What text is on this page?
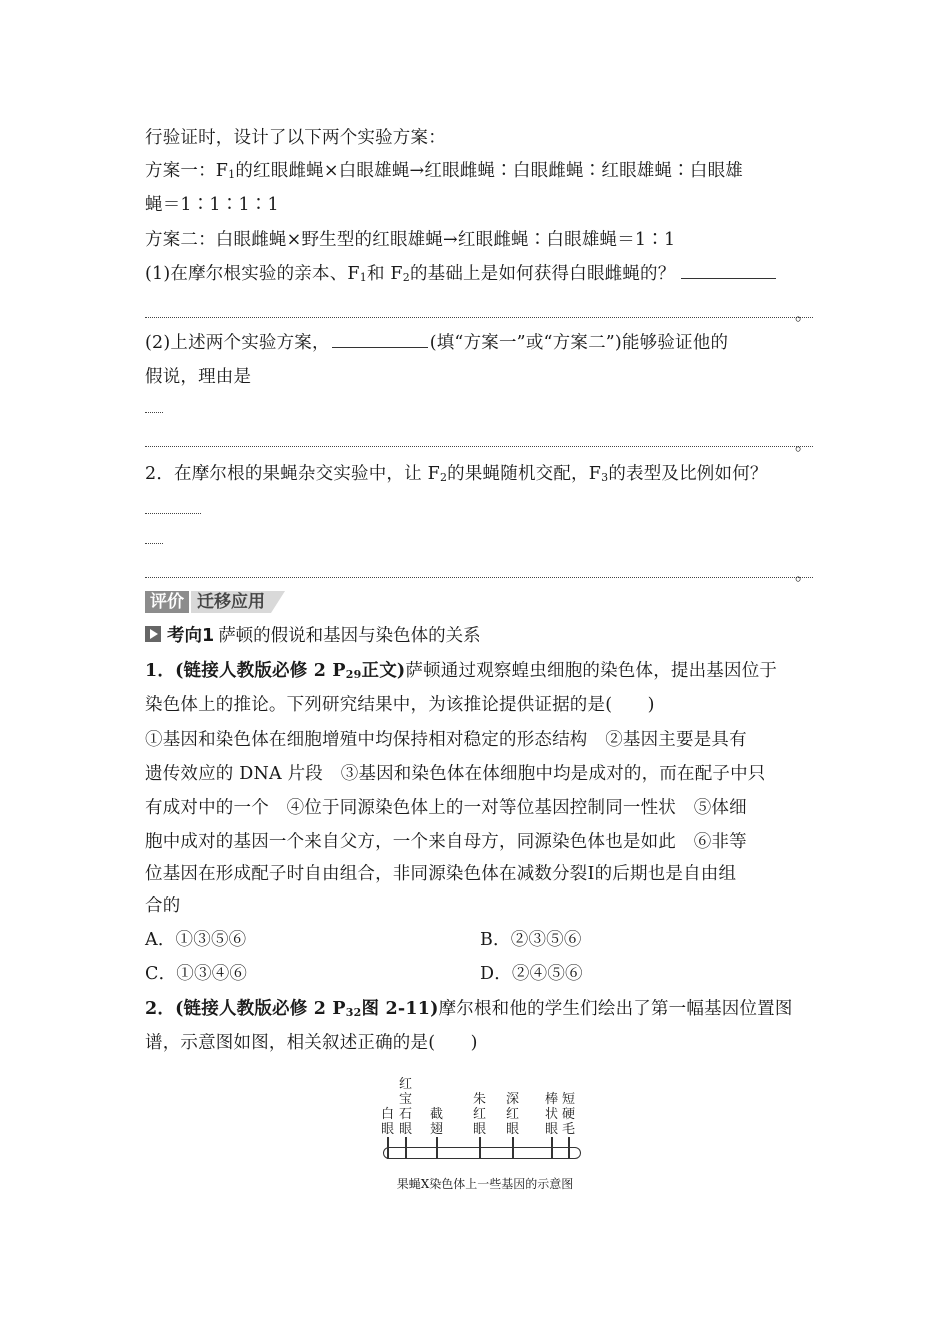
行验证时，设计了以下两个实验方案：
方案一：$F_1$的红眼雌蝇×白眼雄蝇→红眼雌蝇∶白眼雌蝇∶红眼雄蝇∶白眼雄
蝇＝1∶1∶1∶1
方案二：白眼雌蝇×野生型的红眼雄蝇→红眼雌蝇∶白眼雄蝇＝1∶1
(1)在摩尔根实验的亲本、$F_1$和 $F_2$的基础上是如何获得白眼雌蝇的？
。
(2)上述两个实验方案，	(填“方案一”或“方案二”)能够验证他的
假说，理由是
。
2．在摩尔根的果蝇杂交实验中，让 $F_2$的果蝇随机交配，$F_3$的表型及比例如何？
。
评价 迁移应用
考向1 萨顿的假说和基因与染色体的关系
1．(链接人教版必修 2 $P_{29}$正文)萨顿通过观察蝗虫细胞的染色体，提出基因位于
染色体上的推论。下列研究结果中，为该推论提供证据的是(　　)
①基因和染色体在细胞增殖中均保持相对稳定的形态结构　②基因主要是具有
遗传效应的 DNA 片段　③基因和染色体在体细胞中均是成对的，而在配子中只
有成对中的一个　④位于同源染色体上的一对等位基因控制同一性状　⑤体细
胞中成对的基因一个来自父方，一个来自母方，同源染色体也是如此　⑥非等
位基因在形成配子时自由组合，非同源染色体在减数分裂Ⅰ的后期也是自由组
合的
A．①③⑤⑥	B．②③⑤⑥
C．①③④⑥	D．②④⑤⑥
2．(链接人教版必修 2 $P_{32}$图 2-11)摩尔根和他的学生们绘出了第一幅基因位置图
谱，示意图如图，相关叙述正确的是(　　)
白
眼
红
宝
石
眼
截
翅
朱
红
眼
深
红
眼
棒
状
眼
短
硬
毛
果蝇X染色体上一些基因的示意图
